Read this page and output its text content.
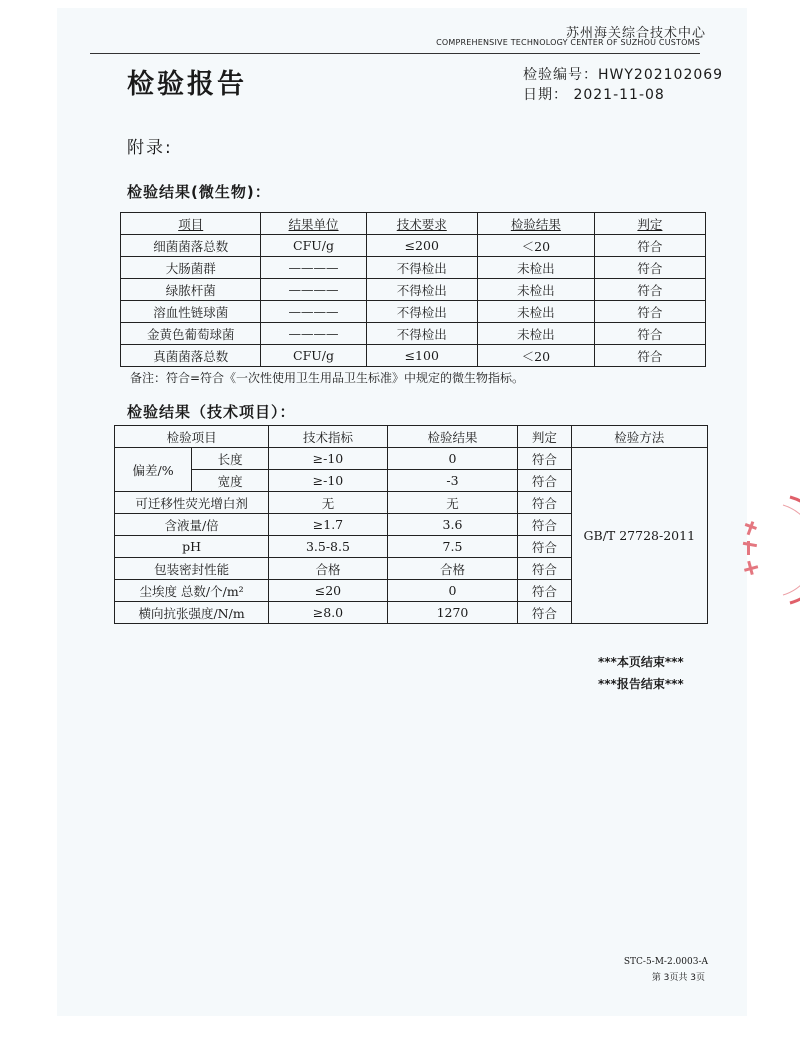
苏州海关综合技术中心
COMPREHENSIVE TECHNOLOGY CENTER OF SUZHOU CUSTOMS
检验报告	检验编号：HWY202102069
日期： 2021-11-08
附录:
检验结果(微生物)：
项目	结果单位	技术要求	检验结果	判定
细菌菌落总数	CFU/g	≤200	＜20	符合
大肠菌群	————	不得检出	未检出	符合
绿脓杆菌	————	不得检出	未检出	符合
溶血性链球菌	————	不得检出	未检出	符合
金黄色葡萄球菌	————	不得检出	未检出	符合
真菌菌落总数	CFU/g	≤100	＜20	符合
备注：符合=符合《一次性使用卫生用品卫生标准》中规定的微生物指标。
检验结果（技术项目）：
检验项目		技术指标	检验结果	判定	检验方法
偏差/%	长度	≥-10	0	符合	GB/T 27728-2011
	宽度	≥-10	-3	符合	
可迁移性荧光增白剂		无	无	符合	
含液量/倍		≥1.7	3.6	符合	
pH		3.5-8.5	7.5	符合	
包装密封性能		合格	合格	符合	
尘埃度 总数/个/m²		≤20	0	符合	
横向抗张强度/N/m		≥8.0	1270	符合	
***本页结束***
***报告结束***
STC-5-M-2.0003-A
第 3页共 3页
